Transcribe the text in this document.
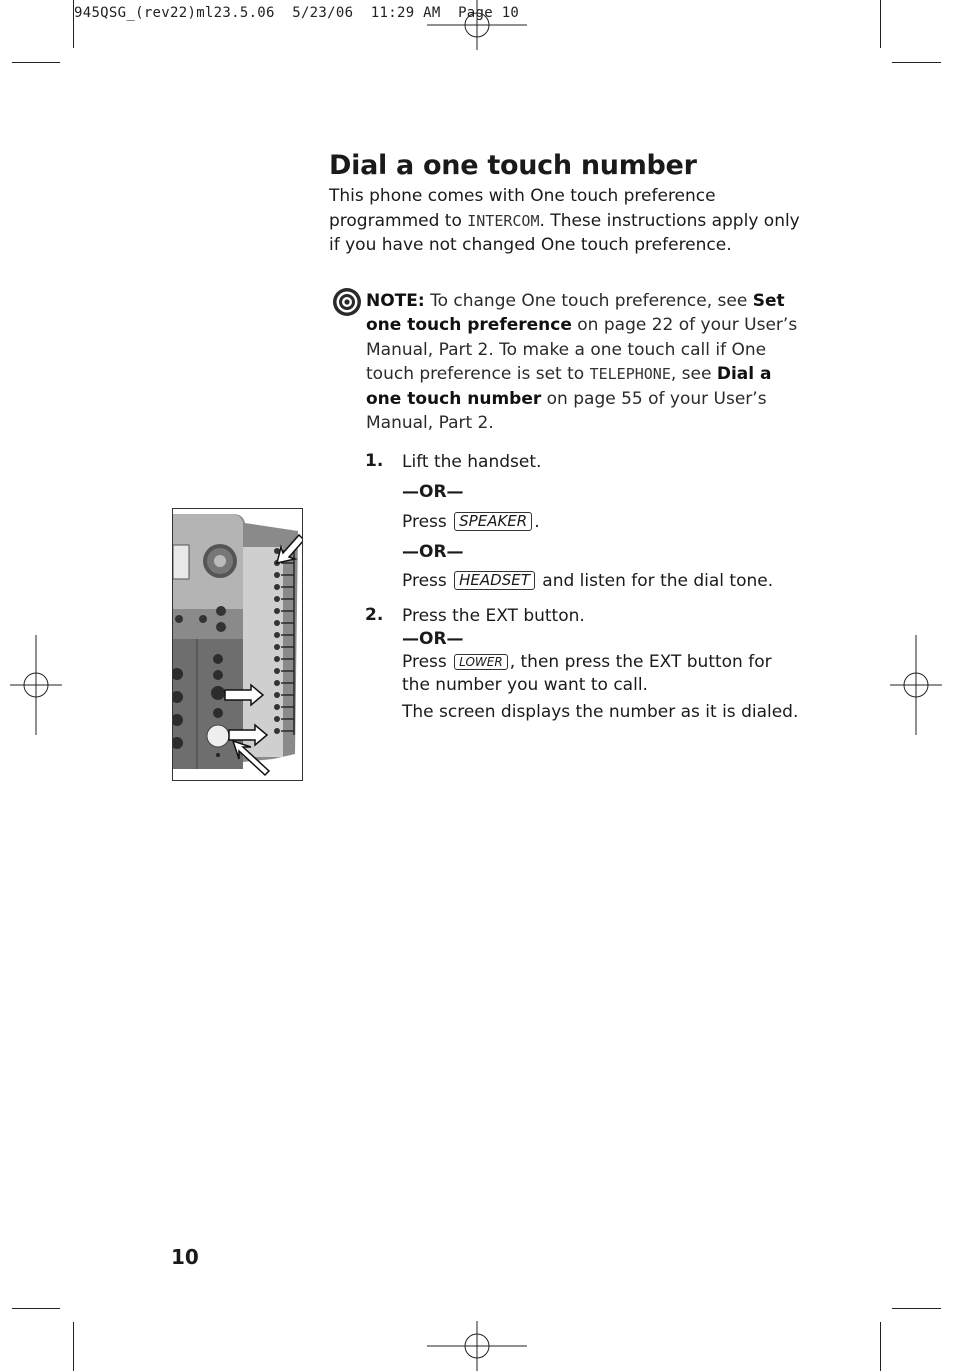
945QSG_(rev22)ml23.5.06  5/23/06  11:29 AM  Page 10
Dial a one touch number

This phone comes with One touch preference programmed to INTERCOM. These instructions apply only if you have not changed One touch preference.

NOTE: To change One touch preference, see Set one touch preference on page 22 of your User’s Manual, Part 2. To make a one touch call if One touch preference is set to TELEPHONE, see Dial a one touch number on page 55 of your User’s Manual, Part 2.

1. Lift the handset.
—OR—
Press SPEAKER .
—OR—
Press HEADSET and listen for the dial tone.
2. Press the EXT button.
—OR—
Press LOWER , then press the EXT button for
the number you want to call.
The screen displays the number as it is dialed.
10
